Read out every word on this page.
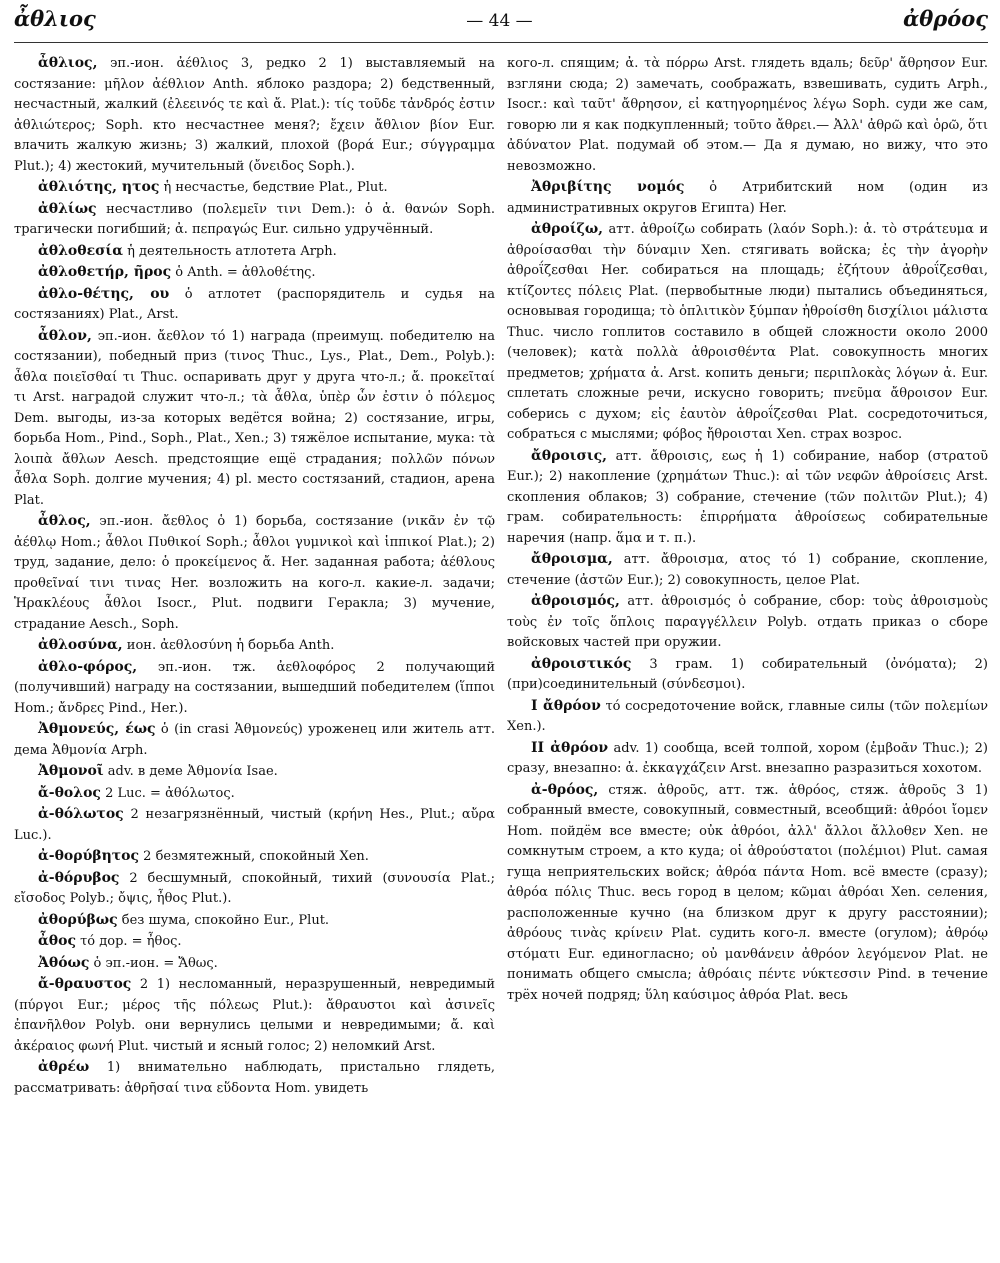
ἆθλιος	— 44 —	ἀθρόος

ἆθλιος, эп.-ион. ἀέθλιος 3, редко 2 1) выставляемый на состязание: μῆλον ἀέθλιον Anth. яблоко раздора; 2) бедственный, несчастный, жалкий (ἐλεεινός τε καὶ ἄ. Plat.): τίς τοῦδε τἀνδρός ἐστιν ἀθλιώτερος; Soph. кто несчастнее меня?; ἔχειν ἄθλιον βίον Eur. влачить жалкую жизнь; 3) жалкий, плохой (βορά Eur.; σύγγραμμα Plut.); 4) жестокий, мучительный (ὄνειδος Soph.).

ἀθλιότης, ητος ἡ несчастье, бедствие Plat., Plut.

ἀθλίως несчастливо (πολεμεῖν τινι Dem.): ὁ ἀ. θανών Soph. трагически погибший; ἀ. πεπραγώς Eur. сильно удручённый.

ἀθλοθεσία ἡ деятельность атлотета Arph.

ἀθλοθετήρ, ῆρος ὁ Anth. = ἀθλοθέτης.

ἀθλο-θέτης, ου ὁ атлотет (распорядитель и судья на состязаниях) Plat., Arst.

ἆθλον, эп.-ион. ἄεθλον τό 1) награда (преимущ. победителю на состязании), победный приз (τινος Thuc., Lys., Plat., Dem., Polyb.): ἆθλα ποιεῖσθαί τι Thuc. оспаривать друг у друга что-л.; ἄ. προκεῖταί τι Arst. наградой служит что-л.; τὰ ἆθλα, ὑπὲρ ὧν ἐστιν ὁ πόλεμος Dem. выгоды, из-за которых ведётся война; 2) состязание, игры, борьба Hom., Pind., Soph., Plat., Xen.; 3) тяжёлое испытание, мука: τὰ λοιπὰ ἄθλων Aesch. предстоящие ещё страдания; πολλῶν πόνων ἆθλα Soph. долгие мучения; 4) pl. место состязаний, стадион, арена Plat.

ἆθλος, эп.-ион. ἄεθλος ὁ 1) борьба, состязание (νικᾶν ἐν τῷ ἀέθλῳ Hom.; ἆθλοι Πυθικοί Soph.; ἆθλοι γυμνικοὶ καὶ ἱππικοί Plat.); 2) труд, задание, дело: ὁ προκείμενος ἄ. Her. заданная работа; ἀέθλους προθεῖναί τινι τινας Her. возложить на кого-л. какие-л. задачи; Ἡρακλέους ἆθλοι Isocr., Plut. подвиги Геракла; 3) мучение, страдание Aesch., Soph.

ἀθλοσύνα, ион. ἀεθλοσύνη ἡ борьба Anth.

ἀθλο-φόρος, эп.-ион. тж. ἀεθλοφόρος 2 получающий (получивший) награду на состязании, вышедший победителем (ἵπποι Hom.; ἄνδρες Pind., Her.).

Ἀθμονεύς, έως ὁ (in crasi Ἁθμονεύς) уроженец или житель атт. дема Ἀθμονία Arph.

Ἀθμονοῖ adv. в деме Ἀθμονία Isae.

ἄ-θολος 2 Luc. = ἀθόλωτος.

ἀ-θόλωτος 2 незагрязнённый, чистый (κρήνη Hes., Plut.; αὔρα Luc.).

ἀ-θορύβητος 2 безмятежный, спокойный Xen.

ἀ-θόρυβος 2 бесшумный, спокойный, тихий (συνουσία Plat.; εἴσοδος Polyb.; ὄψις, ἦθος Plut.).

ἀθορύβως без шума, спокойно Eur., Plut.

ἆθος τό дор. = ἦθος.

Ἀθόως ὁ эп.-ион. = Ἄθως.

ἄ-θραυστος 2 1) несломанный, неразрушенный, невредимый (πύργοι Eur.; μέρος τῆς πόλεως Plut.): ἄθραυστοι καὶ ἀσινεῖς ἐπανῆλθον Polyb. они вернулись целыми и невредимыми; ἄ. καὶ ἀκέραιος φωνή Plut. чистый и ясный голос; 2) неломкий Arst.

ἀθρέω 1) внимательно наблюдать, пристально глядеть, рассматривать: ἀθρῆσαί τινα εὕδοντα Hom. увидеть

кого-л. спящим; ἀ. τὰ πόρρω Arst. глядеть вдаль; δεῦρ' ἄθρησον Eur. взгляни сюда; 2) замечать, соображать, взвешивать, судить Arph., Isocr.: καὶ ταῦτ' ἄθρησον, εἰ κατηγορημένος λέγω Soph. суди же сам, говорю ли я как подкупленный; τοῦτο ἄθρει.— Ἀλλ' ἀθρῶ καὶ ὁρῶ, ὅτι ἀδύνατον Plat. подумай об этом.— Да я думаю, но вижу, что это невозможно.

Ἀθριβίτης νομός ὁ Атрибитский ном (один из административных округов Египта) Her.

ἀθροίζω, атт. ἁθροίζω собирать (λαόν Soph.): ἀ. τὸ στράτευμα и ἀθροίσασθαι τὴν δύναμιν Xen. стягивать войска; ἐς τὴν ἀγορὴν ἀθροΐζεσθαι Her. собираться на площадь; ἐζήτουν ἀθροΐζεσθαι, κτίζοντες πόλεις Plat. (первобытные люди) пытались объединяться, основывая городища; τὸ ὁπλιτικὸν ξύμπαν ἠθροίσθη δισχίλιοι μάλιστα Thuc. число гоплитов составило в общей сложности около 2000 (человек); κατὰ πολλὰ ἀθροισθέντα Plat. совокупность многих предметов; χρήματα ἀ. Arst. копить деньги; περιπλοκὰς λόγων ἀ. Eur. сплетать сложные речи, искусно говорить; πνεῦμα ἄθροισον Eur. соберись с духом; εἰς ἑαυτὸν ἀθροΐζεσθαι Plat. сосредоточиться, собраться с мыслями; φόβος ἤθροισται Xen. страх возрос.

ἄθροισις, атт. ἄθροισις, εως ἡ 1) собирание, набор (στρατοῦ Eur.); 2) накопление (χρημάτων Thuc.): αἱ τῶν νεφῶν ἀθροίσεις Arst. скопления облаков; 3) собрание, стечение (τῶν πολιτῶν Plut.); 4) грам. собирательность: ἐπιρρήματα ἀθροίσεως собирательные наречия (напр. ἅμα и т. п.).

ἄθροισμα, атт. ἄθροισμα, ατος τό 1) собрание, скопление, стечение (ἀστῶν Eur.); 2) совокупность, целое Plat.

ἀθροισμός, атт. ἀθροισμός ὁ собрание, сбор: τοὺς ἀθροισμοὺς τοὺς ἐν τοῖς ὅπλοις παραγγέλλειν Polyb. отдать приказ о сборе войсковых частей при оружии.

ἀθροιστικός 3 грам. 1) собирательный (ὀνόματα); 2) (при)соединительный (σύνδεσμοι).

I ἄθρόον τό сосредоточение войск, главные силы (τῶν πολεμίων Xen.).

II ἀθρόον adv. 1) сообща, всей толпой, хором (ἐμβοᾶν Thuc.); 2) сразу, внезапно: ἀ. ἐκκαγχάζειν Arst. внезапно разразиться хохотом.

ἀ-θρόος, стяж. ἀθροῦς, атт. тж. ἁθρόος, стяж. ἁθροῦς 3 1) собранный вместе, совокупный, совместный, всеобщий: ἀθρόοι ἴομεν Hom. пойдём все вместе; οὐκ ἀθρόοι, ἀλλ' ἄλλοι ἄλλοθεν Xen. не сомкнутым строем, а кто куда; οἱ ἀθρούστατοι (πολέμιοι) Plut. самая гуща неприятельских войск; ἀθρόα πάντα Hom. всё вместе (сразу); ἀθρόα πόλις Thuc. весь город в целом; κῶμαι ἀθρόαι Xen. селения, расположенные кучно (на близком друг к другу расстоянии); ἀθρόους τινὰς κρίνειν Plat. судить кого-л. вместе (огулом); ἀθρόῳ στόματι Eur. единогласно; οὐ μανθάνειν ἀθρόον λεγόμενον Plat. не понимать общего смысла; ἀθρόαις πέντε νύκτεσσιν Pind. в течение трёх ночей подряд; ὕλη καύσιμος ἀθρόα Plat. весь
